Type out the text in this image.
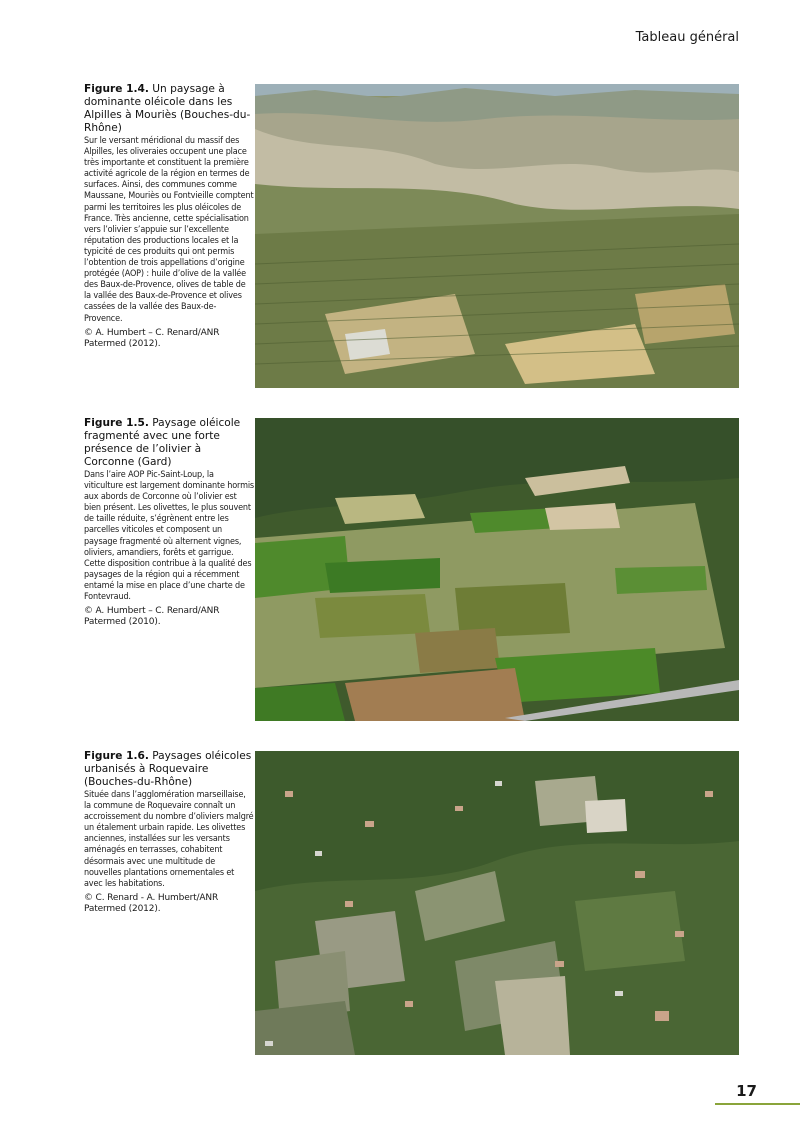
Tableau général
Figure 1.4. Un paysage à dominante oléicole dans les Alpilles à Mouriès (Bouches-du-Rhône)
Sur le versant méridional du massif des Alpilles, les oliveraies occupent une place très importante et constituent la première activité agricole de la région en termes de surfaces. Ainsi, des communes comme Maussane, Mouriès ou Fontvieille comptent parmi les territoires les plus oléicoles de France. Très ancienne, cette spécialisation vers l’olivier s’appuie sur l’excellente réputation des productions locales et la typicité de ces produits qui ont permis l’obtention de trois appellations d’origine protégée (AOP) : huile d’olive de la vallée des Baux-de-Provence, olives de table de la vallée des Baux-de-Provence et olives cassées de la vallée des Baux-de-Provence.
© A. Humbert – C. Renard/ANR Patermed (2012).
Figure 1.5. Paysage oléicole fragmenté avec une forte présence de l’olivier à Corconne (Gard)
Dans l’aire AOP Pic-Saint-Loup, la viticulture est largement dominante hormis aux abords de Corconne où l’olivier est bien présent. Les olivettes, le plus souvent de taille réduite, s’égrènent entre les parcelles viticoles et composent un paysage fragmenté où alternent vignes, oliviers, amandiers, forêts et garrigue. Cette disposition contribue à la qualité des paysages de la région qui a récemment entamé la mise en place d’une charte de Fontevraud.
© A. Humbert – C. Renard/ANR Patermed (2010).
Figure 1.6. Paysages oléicoles urbanisés à Roquevaire (Bouches-du-Rhône)
Située dans l’agglomération marseillaise, la commune de Roquevaire connaît un accroissement du nombre d’oliviers malgré un étalement urbain rapide. Les olivettes anciennes, installées sur les versants aménagés en terrasses, cohabitent désormais avec une multitude de nouvelles plantations ornementales et avec les habitations.
© C. Renard - A. Humbert/ANR Patermed (2012).
17
